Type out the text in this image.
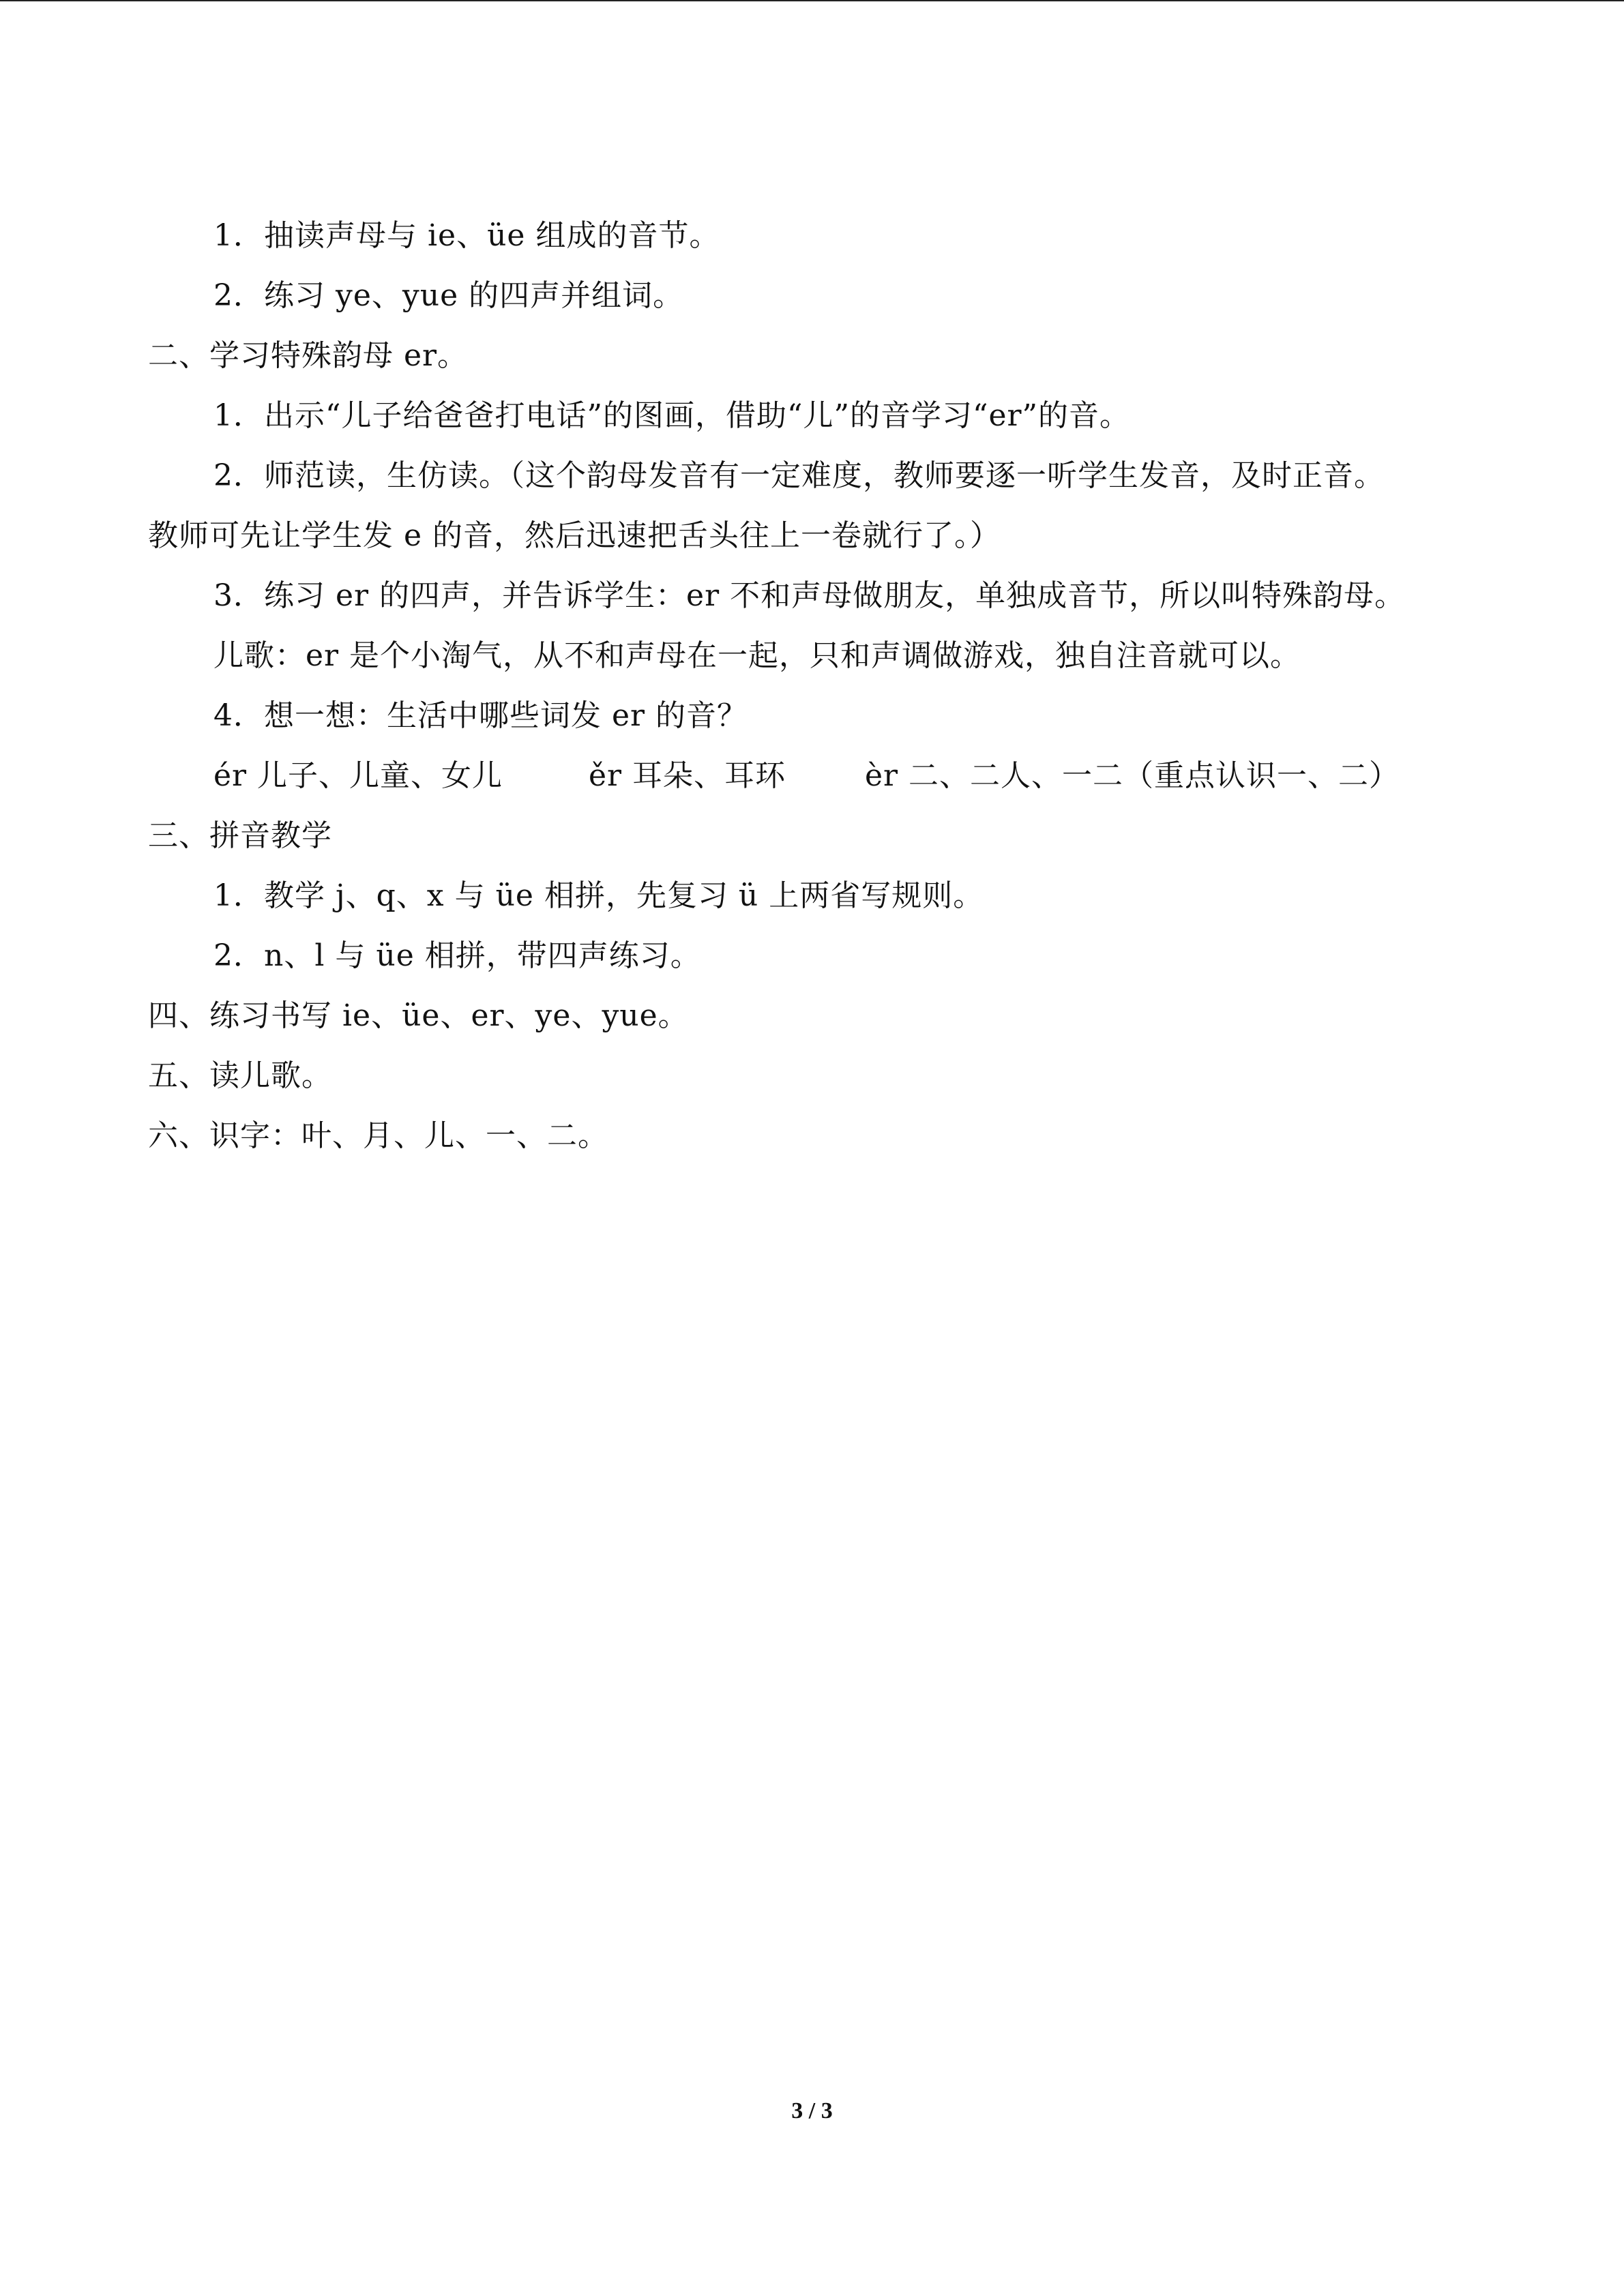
1．抽读声母与 ie、üe 组成的音节。
2．练习 ye、yue 的四声并组词。
二、学习特殊韵母 er。
1．出示“儿子给爸爸打电话”的图画，借助“儿”的音学习“er”的音。
2．师范读，生仿读。（这个韵母发音有一定难度，教师要逐一听学生发音，及时正音。
教师可先让学生发 e 的音，然后迅速把舌头往上一卷就行了。）
3．练习 er 的四声，并告诉学生：er 不和声母做朋友，单独成音节，所以叫特殊韵母。
儿歌：er 是个小淘气，从不和声母在一起，只和声调做游戏，独自注音就可以。
4．想一想：生活中哪些词发 er 的音？
ér 儿子、儿童、女儿	ěr 耳朵、耳环	èr 二、二人、一二（重点认识一、二）
三、拼音教学
1．教学 j、q、x 与 üe 相拼，先复习 ü 上两省写规则。
2．n、l 与 üe 相拼，带四声练习。
四、练习书写 ie、üe、er、ye、yue。
五、读儿歌。
六、识字：叶、月、儿、一、二。
3 / 3
